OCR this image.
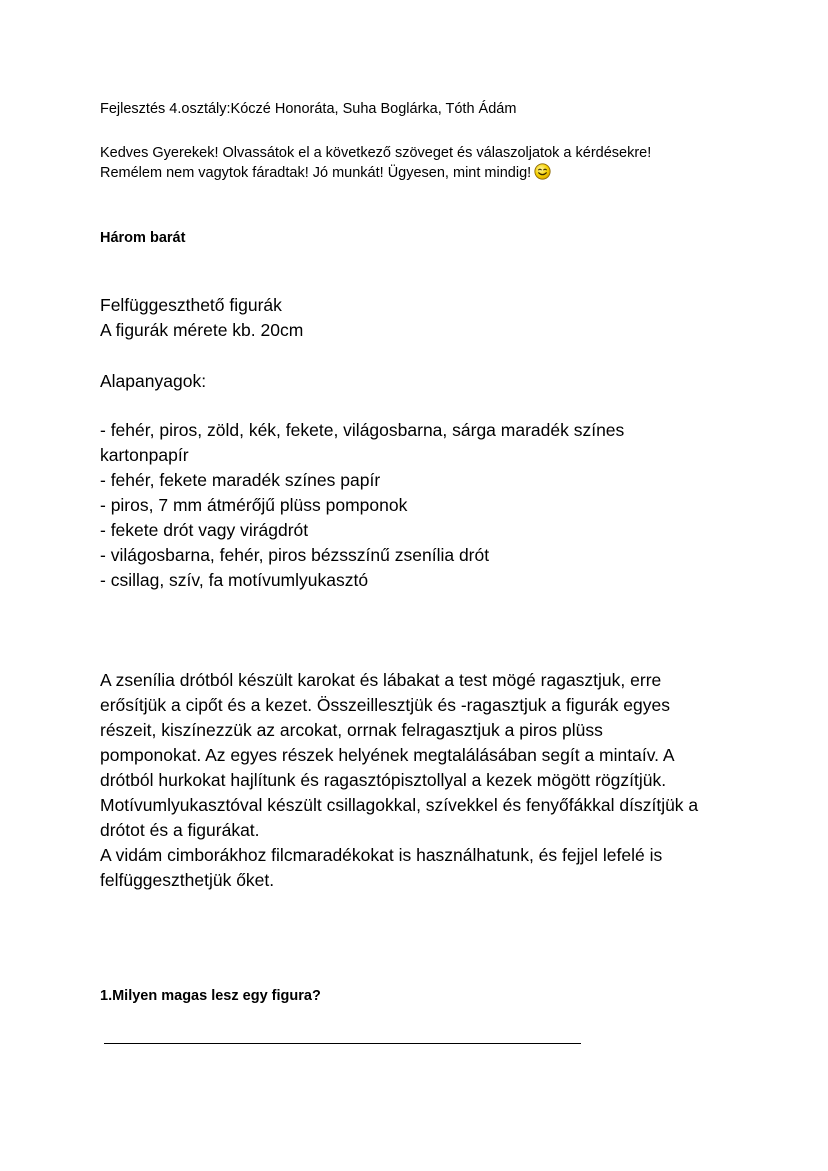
Fejlesztés 4.osztály:Kóczé Honoráta, Suha Boglárka, Tóth Ádám
Kedves Gyerekek! Olvassátok el a következő szöveget és válaszoljatok a kérdésekre!
Remélem nem vagytok fáradtak! Jó munkát! Ügyesen, mint mindig!
Három barát
Felfüggeszthető figurák
A figurák mérete kb. 20cm
Alapanyagok:
- fehér, piros, zöld, kék, fekete, világosbarna, sárga maradék színes
kartonpapír
- fehér, fekete maradék színes papír
- piros, 7 mm átmérőjű plüss pomponok
- fekete drót vagy virágdrót
- világosbarna, fehér, piros bézsszínű zsenília drót
- csillag, szív, fa motívumlyukasztó
A zsenília drótból készült karokat és lábakat a test mögé ragasztjuk, erre
erősítjük a cipőt és a kezet. Összeillesztjük és -ragasztjuk a figurák egyes
részeit, kiszínezzük az arcokat, orrnak felragasztjuk a piros plüss
pomponokat. Az egyes részek helyének megtalálásában segít a mintaív. A
drótból hurkokat hajlítunk és ragasztópisztollyal a kezek mögött rögzítjük.
Motívumlyukasztóval készült csillagokkal, szívekkel és fenyőfákkal díszítjük a
drótot és a figurákat.
A vidám cimborákhoz filcmaradékokat is használhatunk, és fejjel lefelé is
felfüggeszthetjük őket.
1.Milyen magas lesz egy figura?
